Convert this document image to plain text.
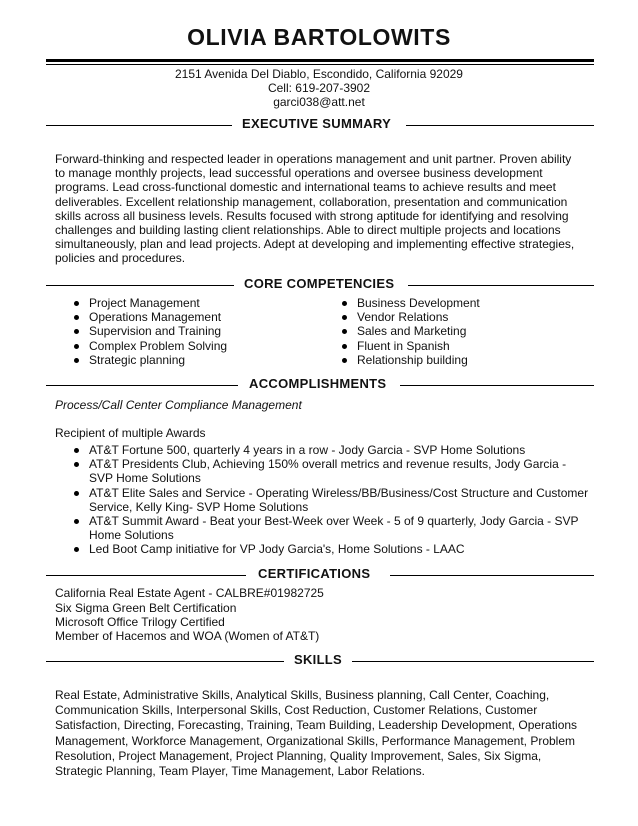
OLIVIA BARTOLOWITS
2151 Avenida Del Diablo, Escondido, California 92029
Cell: 619-207-3902
garci038@att.net
EXECUTIVE SUMMARY
Forward-thinking and respected leader in operations management and unit partner. Proven ability to manage monthly projects, lead successful operations and oversee business development programs. Lead cross-functional domestic and international teams to achieve results and meet deliverables. Excellent relationship management, collaboration, presentation and communication skills across all business levels. Results focused with strong aptitude for identifying and resolving challenges and building lasting client relationships. Able to direct multiple projects and locations simultaneously, plan and lead projects. Adept at developing and implementing effective strategies, policies and procedures.
CORE COMPETENCIES
Project Management
Operations Management
Supervision and Training
Complex Problem Solving
Strategic planning
Business Development
Vendor Relations
Sales and Marketing
Fluent in Spanish
Relationship building
ACCOMPLISHMENTS
Process/Call Center Compliance Management
Recipient of multiple Awards
AT&T Fortune 500, quarterly 4 years in a row - Jody Garcia - SVP Home Solutions
AT&T Presidents Club, Achieving 150% overall metrics and revenue results, Jody Garcia - SVP Home Solutions
AT&T Elite Sales and Service - Operating Wireless/BB/Business/Cost Structure and Customer Service, Kelly King- SVP Home Solutions
AT&T Summit Award - Beat your Best-Week over Week - 5 of 9 quarterly, Jody Garcia - SVP Home Solutions
Led Boot Camp initiative for VP Jody Garcia's, Home Solutions - LAAC
CERTIFICATIONS
California Real Estate Agent - CALBRE#01982725
Six Sigma Green Belt Certification
Microsoft Office Trilogy Certified
Member of Hacemos and WOA (Women of AT&T)
SKILLS
Real Estate, Administrative Skills, Analytical Skills, Business planning, Call Center, Coaching, Communication Skills, Interpersonal Skills, Cost Reduction, Customer Relations, Customer Satisfaction, Directing, Forecasting, Training, Team Building, Leadership Development, Operations Management, Workforce Management, Organizational Skills, Performance Management, Problem Resolution, Project Management, Project Planning, Quality Improvement, Sales, Six Sigma, Strategic Planning, Team Player, Time Management, Labor Relations.
